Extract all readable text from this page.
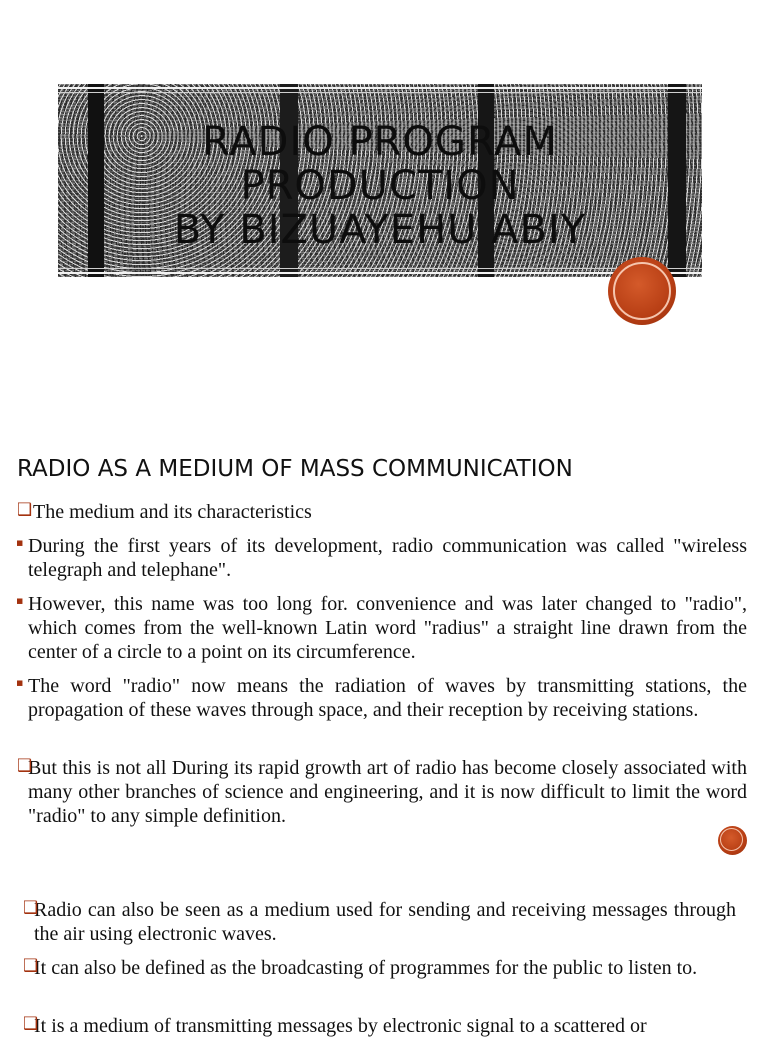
RADIO PROGRAM
PRODUCTION
BY BIZUAYEHU ABIY
RADIO AS A MEDIUM OF MASS COMMUNICATION
❑ The medium and its characteristics
▪ During the first years of its development, radio communication was called "wireless telegraph and telephane".
▪ However, this name was too long for. convenience and was later changed to "radio", which comes from the well-known Latin word "radius" a straight line drawn from the center of a circle to a point on its circumference.
▪ The word "radio" now means the radiation of waves by transmitting stations, the propagation of these waves through space, and their reception by receiving stations.
❑
But this is not all During its rapid growth art of radio has become closely associated with many other branches of science and engineering, and it is now difficult to limit the word "radio" to any simple definition.
❑
Radio can also be seen as a medium used for sending and receiving messages through the air using electronic waves.
❑
It can also be defined as the broadcasting of programmes for the public to listen to.
❑
It is a medium of transmitting messages by electronic signal to a scattered or
